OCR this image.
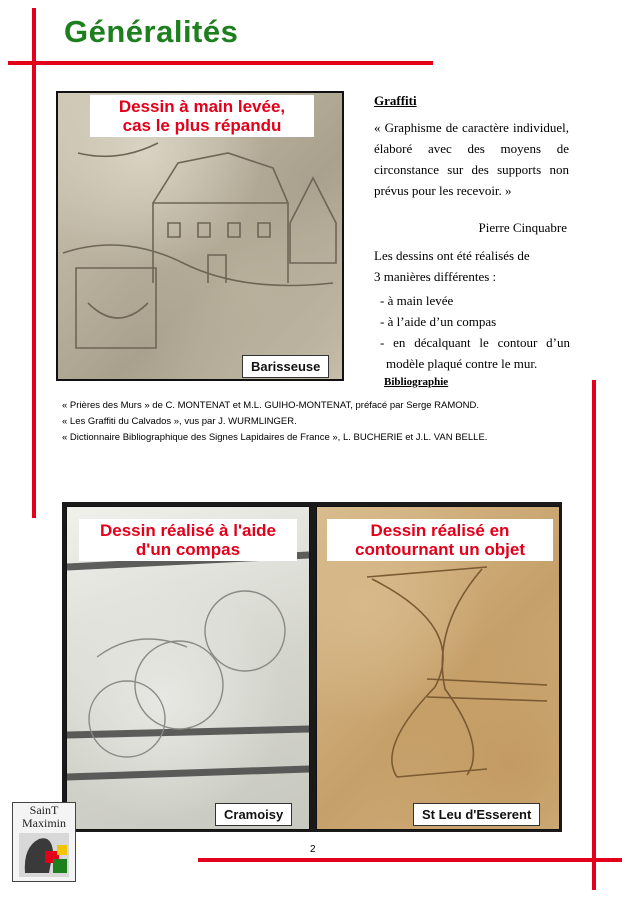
Généralités
Dessin à main levée,
cas le plus répandu
Barisseuse

Graffiti

« Graphisme de caractère individuel, élaboré avec des moyens de circonstance sur des supports non prévus pour les recevoir. »

Pierre Cinquabre

Les dessins ont été réalisés de
3 manières différentes :

- à main levée
- à l’aide d’un compas
- en décalquant le contour d’un modèle plaqué contre le mur.

Bibliographie

« Prières des Murs » de C. MONTENAT et M.L. GUIHO-MONTENAT, préfacé par Serge RAMOND.
« Les Graffiti du Calvados », vus par J. WURMLINGER.
« Dictionnaire Bibliographique des Signes Lapidaires de France », L. BUCHERIE et J.L. VAN BELLE.
Dessin réalisé à l'aide
d'un compas
Cramoisy
Dessin réalisé en
contournant un objet
St Leu d'Esserent
2
SainT
Maximin
